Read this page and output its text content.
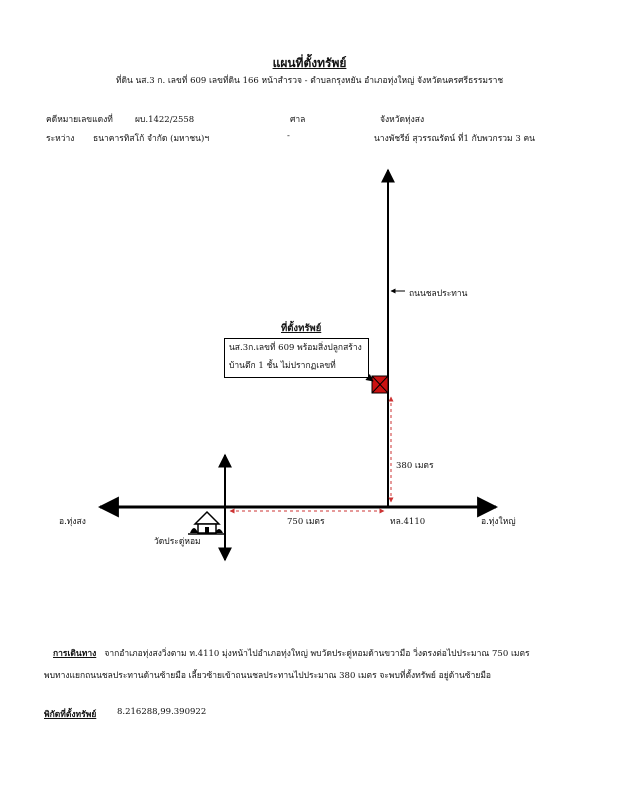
แผนที่ตั้งทรัพย์
ที่ดิน นส.3 ก. เลขที่ 609 เลขที่ดิน 166 หน้าสำรวจ - ตำบลกรุงหยัน อำเภอทุ่งใหญ่ จังหวัดนครศรีธรรมราช
คดีหมายเลขแดงที่	ผบ.1422/2558	ศาล	จังหวัดทุ่งสง
ระหว่าง ธนาคารทิสโก้ จำกัด (มหาชน)ฯ	-	นางพัชรีย์ สุวรรณรัตน์ ที่1 กับพวกรวม 3 คน
ถนนชลประทาน
ที่ตั้งทรัพย์
นส.3ก.เลขที่ 609 พร้อมสิ่งปลูกสร้าง
บ้านตึก 1 ชั้น ไม่ปรากฏเลขที่
380 เมตร
750 เมตร
อ.ทุ่งสง	อ.ทุ่งใหญ่
ทล.4110
วัดประดู่หอม
การเดินทาง จากอำเภอทุ่งสงวิ่งตาม ท.4110 มุ่งหน้าไปอำเภอทุ่งใหญ่ พบวัดประดู่หอมด้านขวามือ วิ่งตรงต่อไปประมาณ 750 เมตร
พบทางแยกถนนชลประทานด้านซ้ายมือ เลี้ยวซ้ายเข้าถนนชลประทานไปประมาณ 380 เมตร จะพบที่ตั้งทรัพย์ อยู่ด้านซ้ายมือ
พิกัดที่ตั้งทรัพย์ 8.216288,99.390922
